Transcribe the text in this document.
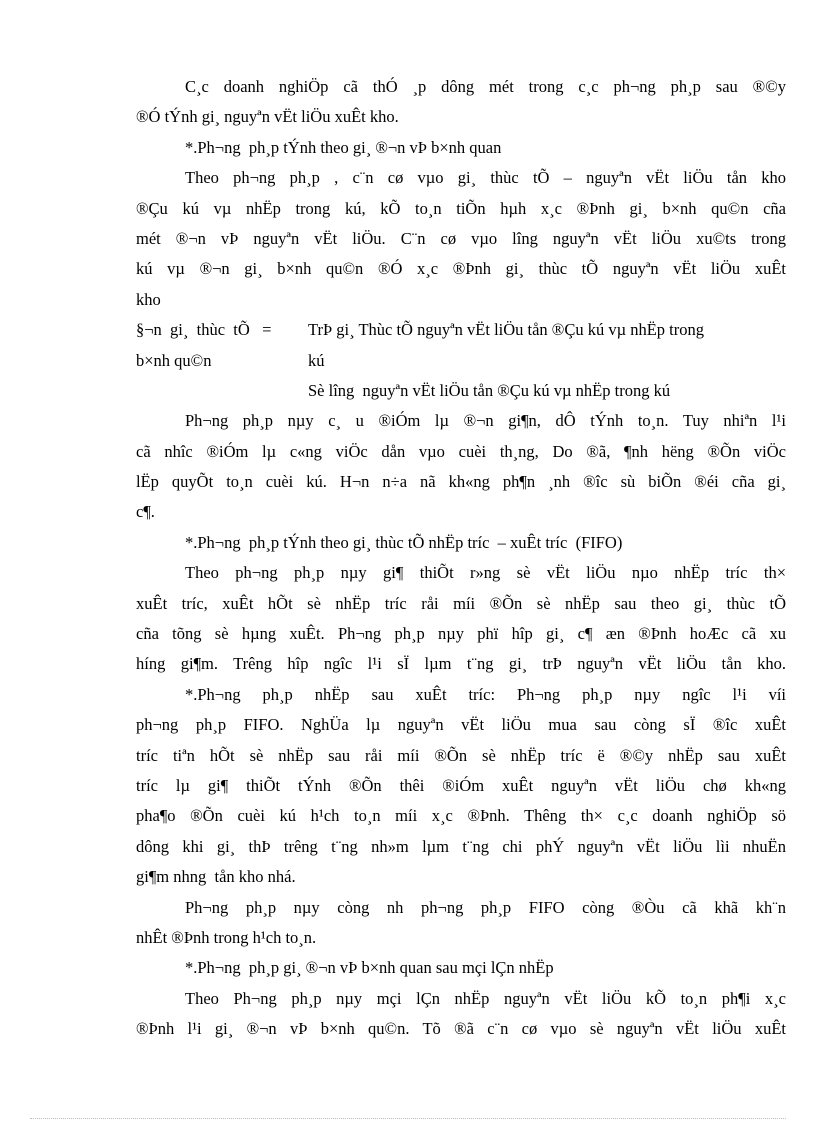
C¸c doanh nghiÖp cã thÓ ¸p dông mét trong c¸c ph¬ng ph¸p sau ®©y
®Ó tÝnh gi¸ nguyªn vËt liÖu xuÊt kho.
*.Ph¬ng  ph¸p tÝnh theo gi¸ ®¬n vÞ b×nh quan
Theo ph¬ng ph¸p , c¨n cø vµo gi¸ thùc tÕ – nguyªn vËt liÖu tån kho
®Çu kú vµ nhËp trong kú, kÕ to¸n tiÕn hµh x¸c ®Þnh gi¸ b×nh qu©n cña
mét ®¬n vÞ nguyªn vËt liÖu. C¨n cø vµo lîng nguyªn vËt liÖu xu©ts trong
kú vµ ®¬n gi¸ b×nh qu©n ®Ó x¸c ®Þnh gi¸ thùc tÕ nguyªn vËt liÖu xuÊt
kho
§¬n  gi¸  thùc  tÕ   =
b×nh qu©n
TrÞ gi¸ Thùc tÕ nguyªn vËt liÖu tån ®Çu kú vµ nhËp trong
kú
Sè lîng  nguyªn vËt liÖu tån ®Çu kú vµ nhËp trong kú
Ph¬ng ph¸p nµy c¸ u ®iÓm lµ ®¬n gi¶n, dÔ tÝnh to¸n. Tuy nhiªn l¹i
cã nhîc ®iÓm lµ c«ng viÖc dån vµo cuèi th¸ng, Do ®ã, ¶nh hëng ®Õn viÖc
lËp quyÕt to¸n cuèi kú. H¬n n÷a nã kh«ng ph¶n ¸nh ®îc sù biÕn ®éi cña gi¸
c¶.
*.Ph¬ng  ph¸p tÝnh theo gi¸ thùc tÕ nhËp tríc  – xuÊt tríc  (FIFO)
Theo ph¬ng ph¸p nµy gi¶ thiÕt r»ng sè vËt liÖu nµo nhËp tríc th×
xuÊt tríc, xuÊt hÕt sè nhËp tríc råi míi ®Õn sè nhËp sau theo gi¸ thùc tÕ
cña tõng sè hµng xuÊt. Ph¬ng ph¸p nµy phï hîp gi¸ c¶ æn ®Þnh hoÆc cã xu
híng gi¶m. Trêng hîp ngîc l¹i sÏ lµm t¨ng gi¸ trÞ nguyªn vËt liÖu tån kho.
*.Ph¬ng ph¸p nhËp sau xuÊt tríc: Ph¬ng ph¸p nµy ngîc l¹i víi
ph¬ng ph¸p FIFO. NghÜa lµ nguyªn vËt liÖu mua sau còng sÏ ®îc xuÊt
tríc tiªn hÕt sè nhËp sau råi míi ®Õn sè nhËp tríc ë ®©y nhËp sau xuÊt
tríc lµ gi¶ thiÕt tÝnh ®Õn thêi ®iÓm xuÊt nguyªn vËt liÖu chø kh«ng
pha¶o ®Õn cuèi kú h¹ch to¸n míi x¸c ®Þnh. Thêng th× c¸c doanh nghiÖp sö
dông khi gi¸ thÞ trêng t¨ng nh»m lµm t¨ng chi phÝ nguyªn vËt liÖu lìi nhuËn
gi¶m nhng  tån kho nhá.
Ph¬ng ph¸p nµy còng nh ph¬ng ph¸p FIFO còng ®Òu cã khã kh¨n
nhÊt ®Þnh trong h¹ch to¸n.
*.Ph¬ng  ph¸p gi¸ ®¬n vÞ b×nh quan sau mçi lÇn nhËp
Theo Ph¬ng ph¸p nµy mçi lÇn nhËp nguyªn vËt liÖu kÕ to¸n ph¶i x¸c
®Þnh l¹i gi¸ ®¬n vÞ b×nh qu©n. Tõ ®ã c¨n cø vµo sè nguyªn vËt liÖu xuÊt
